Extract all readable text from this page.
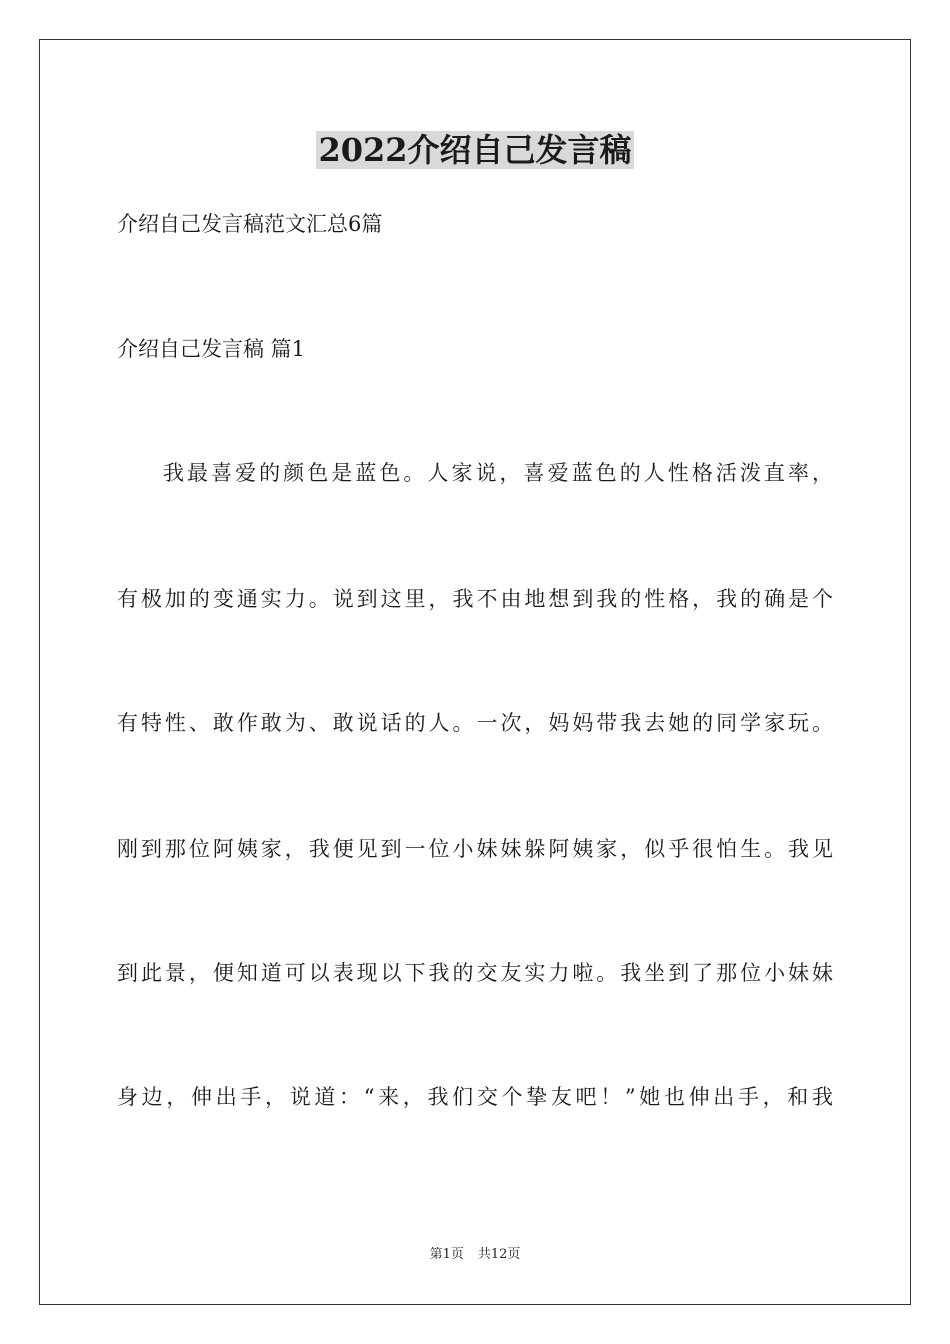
2022介绍自己发言稿
介绍自己发言稿范文汇总6篇
介绍自己发言稿 篇1
我最喜爱的颜色是蓝色。人家说，喜爱蓝色的人性格活泼直率，
有极加的变通实力。说到这里，我不由地想到我的性格，我的确是个
有特性、敢作敢为、敢说话的人。一次，妈妈带我去她的同学家玩。
刚到那位阿姨家，我便见到一位小妹妹躲阿姨家，似乎很怕生。我见
到此景，便知道可以表现以下我的交友实力啦。我坐到了那位小妹妹
身边，伸出手，说道：“来，我们交个挚友吧！”她也伸出手，和我
第1页 共12页
